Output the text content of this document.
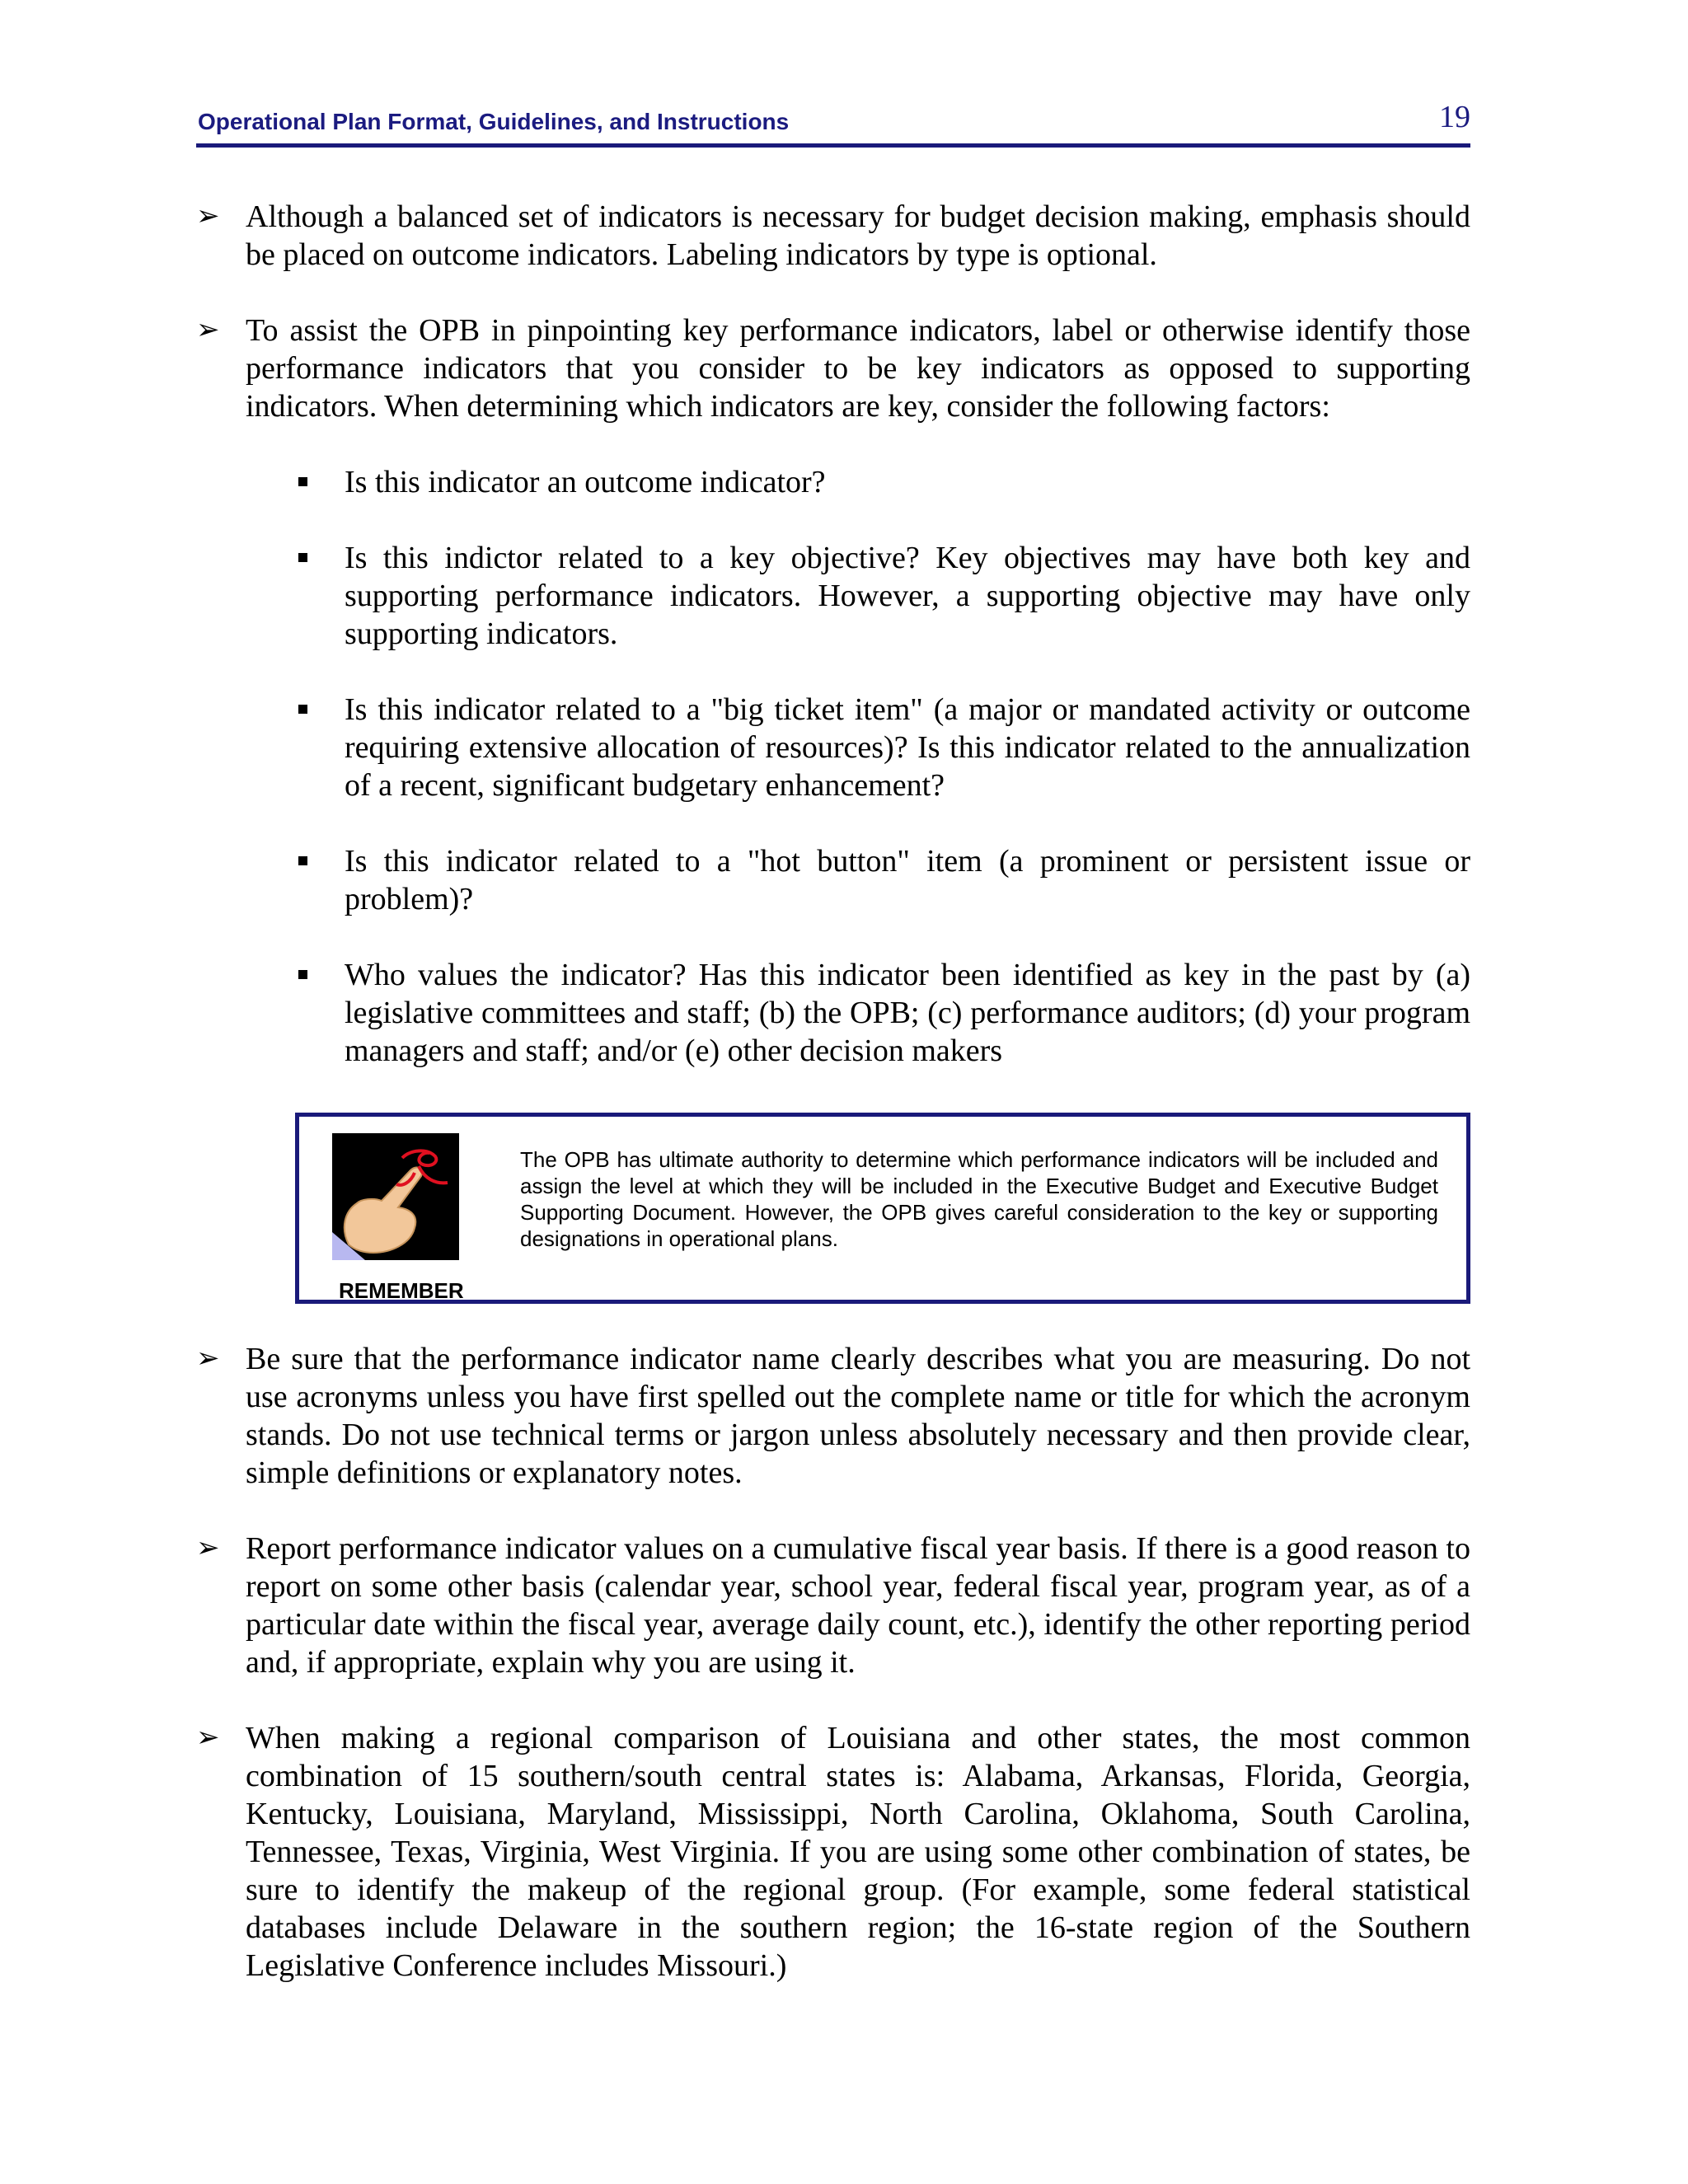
Operational Plan Format, Guidelines, and Instructions	19
➢ Although a balanced set of indicators is necessary for budget decision making, emphasis should be placed on outcome indicators. Labeling indicators by type is optional.
➢ To assist the OPB in pinpointing key performance indicators, label or otherwise identify those performance indicators that you consider to be key indicators as opposed to supporting indicators. When determining which indicators are key, consider the following factors:
Is this indicator an outcome indicator?
Is this indictor related to a key objective? Key objectives may have both key and supporting performance indicators. However, a supporting objective may have only supporting indicators.
Is this indicator related to a "big ticket item" (a major or mandated activity or outcome requiring extensive allocation of resources)? Is this indicator related to the annualization of a recent, significant budgetary enhancement?
Is this indicator related to a "hot button" item (a prominent or persistent issue or problem)?
Who values the indicator? Has this indicator been identified as key in the past by (a) legislative committees and staff; (b) the OPB; (c) performance auditors; (d) your program managers and staff; and/or (e) other decision makers
REMEMBER
The OPB has ultimate authority to determine which performance indicators will be included and assign the level at which they will be included in the Executive Budget and Executive Budget Supporting Document. However, the OPB gives careful consideration to the key or supporting designations in operational plans.
➢ Be sure that the performance indicator name clearly describes what you are measuring. Do not use acronyms unless you have first spelled out the complete name or title for which the acronym stands. Do not use technical terms or jargon unless absolutely necessary and then provide clear, simple definitions or explanatory notes.
➢ Report performance indicator values on a cumulative fiscal year basis. If there is a good reason to report on some other basis (calendar year, school year, federal fiscal year, program year, as of a particular date within the fiscal year, average daily count, etc.), identify the other reporting period and, if appropriate, explain why you are using it.
➢ When making a regional comparison of Louisiana and other states, the most common combination of 15 southern/south central states is: Alabama, Arkansas, Florida, Georgia, Kentucky, Louisiana, Maryland, Mississippi, North Carolina, Oklahoma, South Carolina, Tennessee, Texas, Virginia, West Virginia. If you are using some other combination of states, be sure to identify the makeup of the regional group. (For example, some federal statistical databases include Delaware in the southern region; the 16-state region of the Southern Legislative Conference includes Missouri.)
